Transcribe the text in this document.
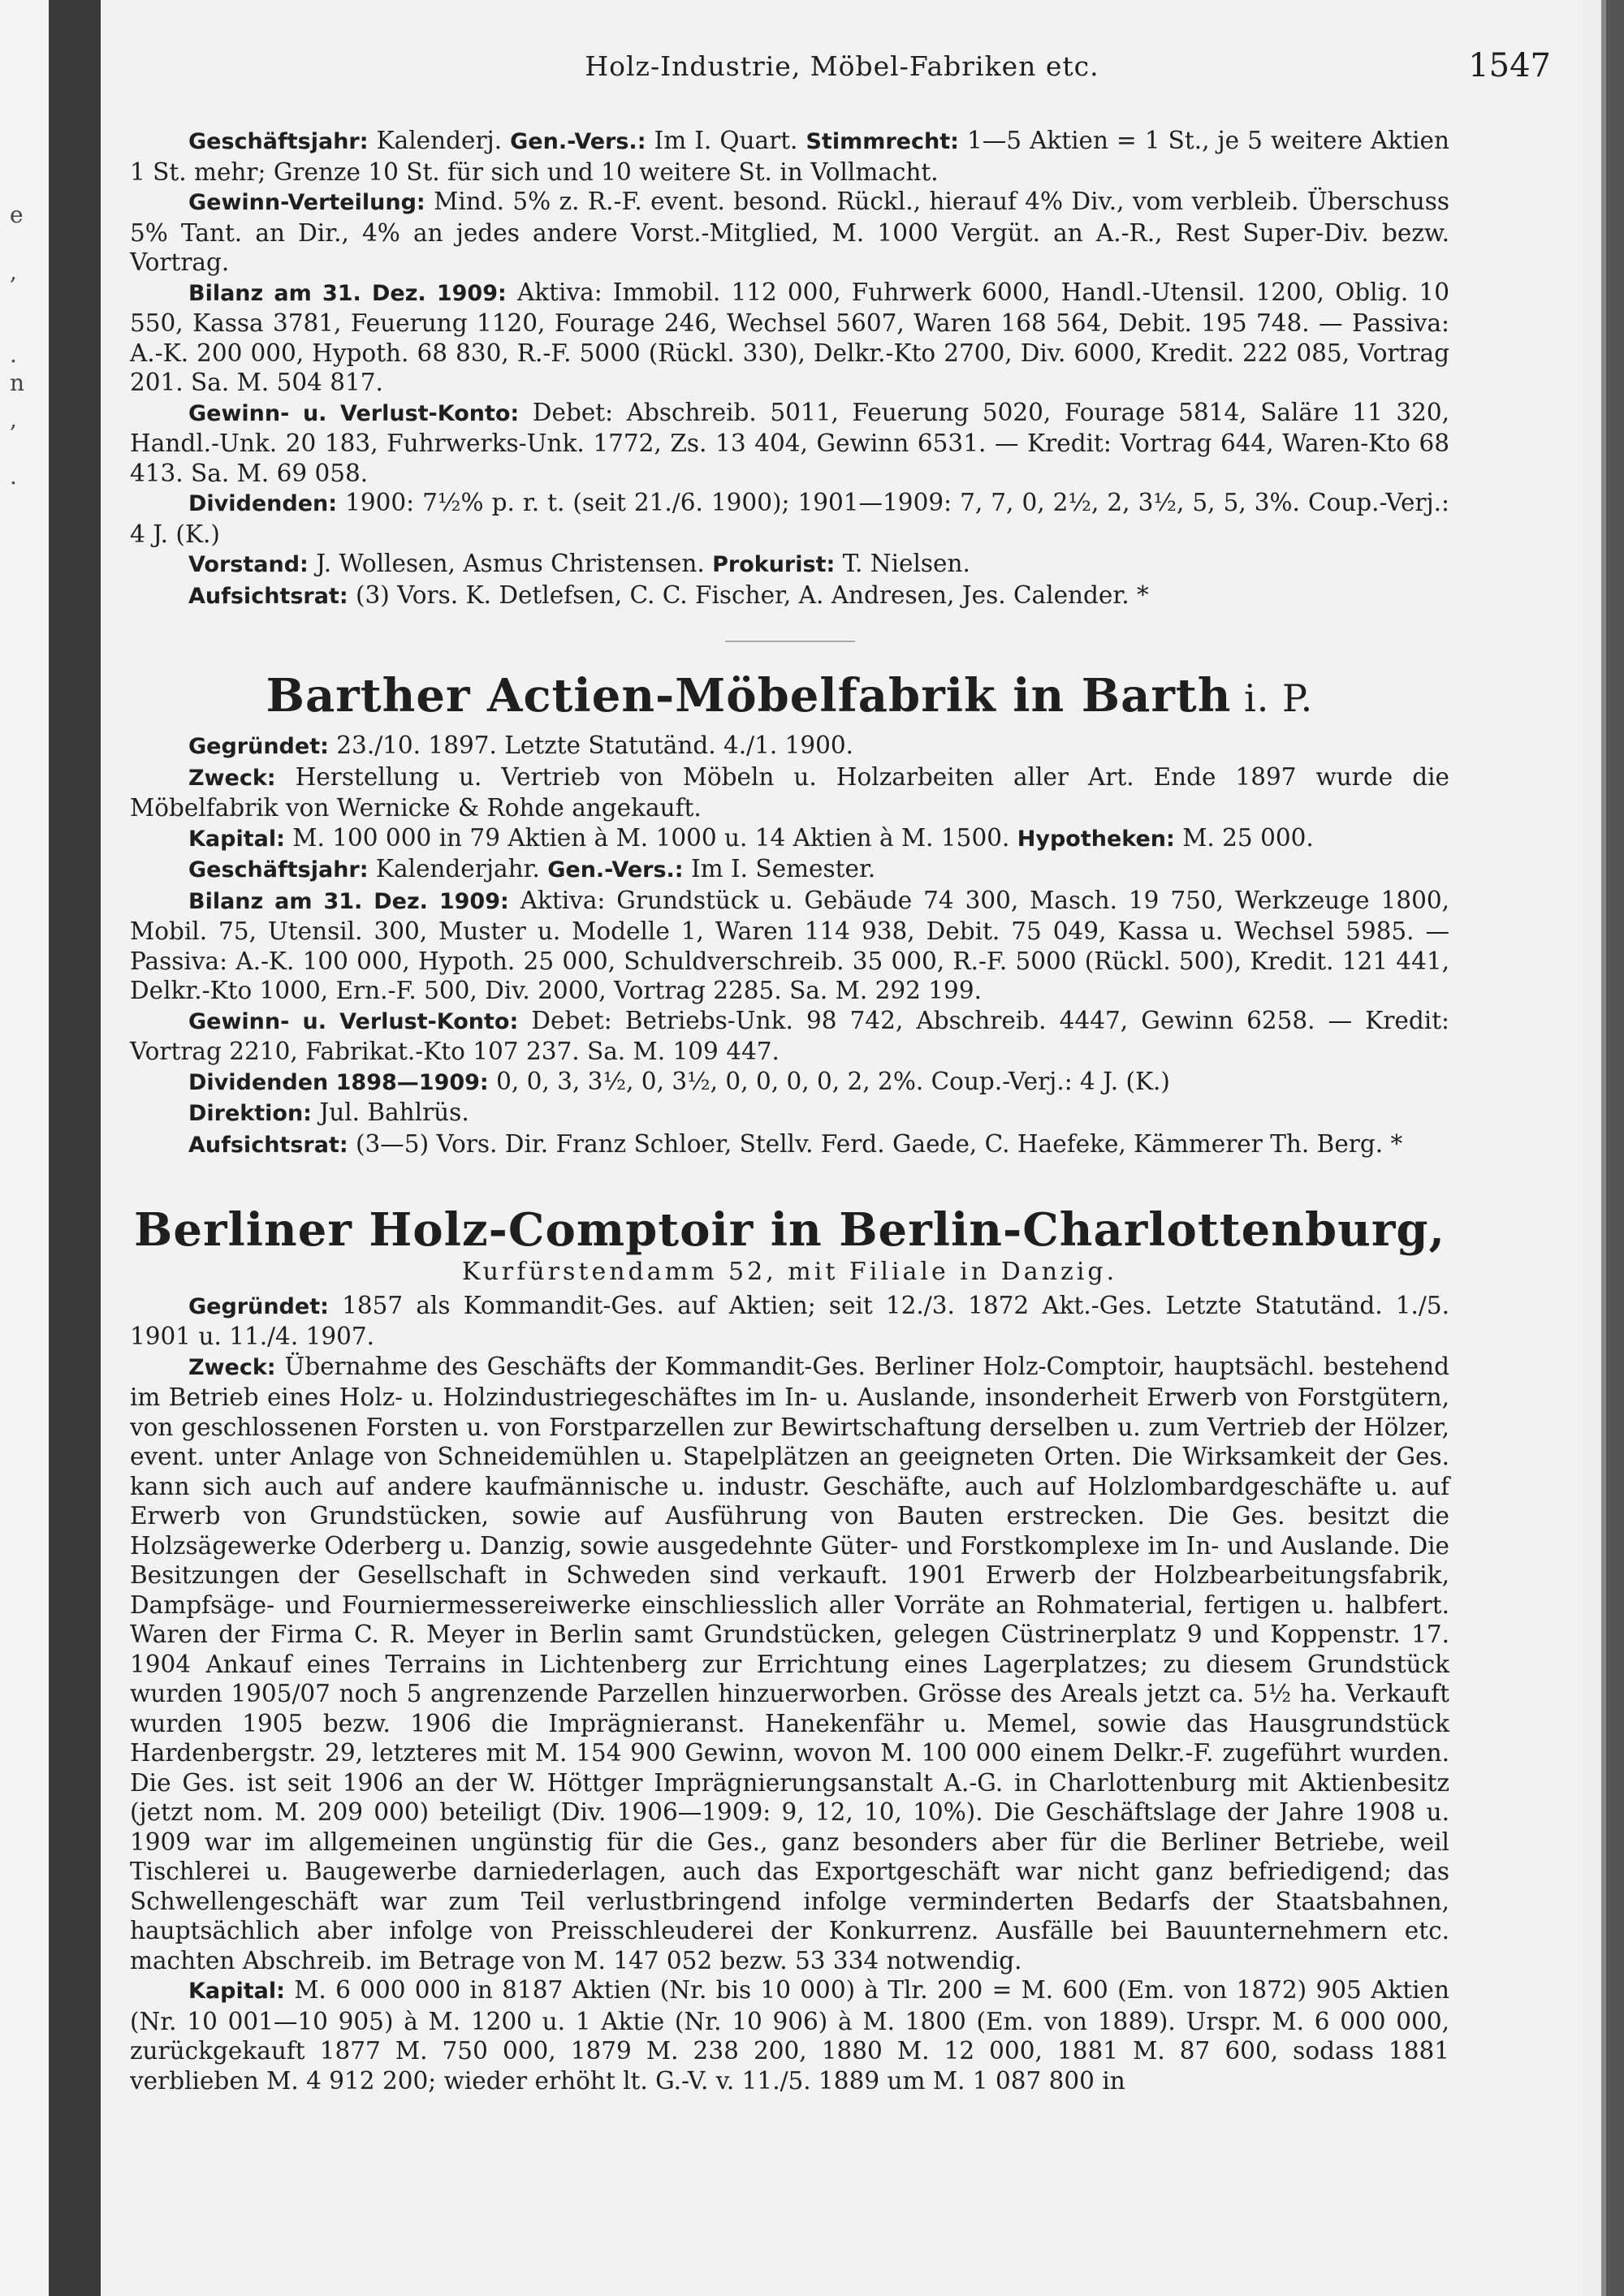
e
,
.
n
,
.
Holz-Industrie, Möbel-Fabriken etc.	1547

Geschäftsjahr: Kalenderj. Gen.-Vers.: Im I. Quart. Stimmrecht: 1—5 Aktien = 1 St., je 5 weitere Aktien 1 St. mehr; Grenze 10 St. für sich und 10 weitere St. in Vollmacht.

Gewinn-Verteilung: Mind. 5% z. R.-F. event. besond. Rückl., hierauf 4% Div., vom verbleib. Überschuss 5% Tant. an Dir., 4% an jedes andere Vorst.-Mitglied, M. 1000 Vergüt. an A.-R., Rest Super-Div. bezw. Vortrag.

Bilanz am 31. Dez. 1909: Aktiva: Immobil. 112 000, Fuhrwerk 6000, Handl.-Utensil. 1200, Oblig. 10 550, Kassa 3781, Feuerung 1120, Fourage 246, Wechsel 5607, Waren 168 564, Debit. 195 748. — Passiva: A.-K. 200 000, Hypoth. 68 830, R.-F. 5000 (Rückl. 330), Delkr.-Kto 2700, Div. 6000, Kredit. 222 085, Vortrag 201. Sa. M. 504 817.

Gewinn- u. Verlust-Konto: Debet: Abschreib. 5011, Feuerung 5020, Fourage 5814, Saläre 11 320, Handl.-Unk. 20 183, Fuhrwerks-Unk. 1772, Zs. 13 404, Gewinn 6531. — Kredit: Vortrag 644, Waren-Kto 68 413. Sa. M. 69 058.

Dividenden: 1900: 7½% p. r. t. (seit 21./6. 1900); 1901—1909: 7, 7, 0, 2½, 2, 3½, 5, 5, 3%. Coup.-Verj.: 4 J. (K.)

Vorstand: J. Wollesen, Asmus Christensen. Prokurist: T. Nielsen.

Aufsichtsrat: (3) Vors. K. Detlefsen, C. C. Fischer, A. Andresen, Jes. Calender. *

Barther Actien-Möbelfabrik in Barth i. P.

Gegründet: 23./10. 1897. Letzte Statutänd. 4./1. 1900.

Zweck: Herstellung u. Vertrieb von Möbeln u. Holzarbeiten aller Art. Ende 1897 wurde die Möbelfabrik von Wernicke & Rohde angekauft.

Kapital: M. 100 000 in 79 Aktien à M. 1000 u. 14 Aktien à M. 1500. Hypotheken: M. 25 000.

Geschäftsjahr: Kalenderjahr. Gen.-Vers.: Im I. Semester.

Bilanz am 31. Dez. 1909: Aktiva: Grundstück u. Gebäude 74 300, Masch. 19 750, Werkzeuge 1800, Mobil. 75, Utensil. 300, Muster u. Modelle 1, Waren 114 938, Debit. 75 049, Kassa u. Wechsel 5985. — Passiva: A.-K. 100 000, Hypoth. 25 000, Schuldverschreib. 35 000, R.-F. 5000 (Rückl. 500), Kredit. 121 441, Delkr.-Kto 1000, Ern.-F. 500, Div. 2000, Vortrag 2285. Sa. M. 292 199.

Gewinn- u. Verlust-Konto: Debet: Betriebs-Unk. 98 742, Abschreib. 4447, Gewinn 6258. — Kredit: Vortrag 2210, Fabrikat.-Kto 107 237. Sa. M. 109 447.

Dividenden 1898—1909: 0, 0, 3, 3½, 0, 3½, 0, 0, 0, 0, 2, 2%. Coup.-Verj.: 4 J. (K.)

Direktion: Jul. Bahlrüs.

Aufsichtsrat: (3—5) Vors. Dir. Franz Schloer, Stellv. Ferd. Gaede, C. Haefeke, Kämmerer Th. Berg. *

Berliner Holz-Comptoir in Berlin-Charlottenburg,
Kurfürstendamm 52, mit Filiale in Danzig.

Gegründet: 1857 als Kommandit-Ges. auf Aktien; seit 12./3. 1872 Akt.-Ges. Letzte Statutänd. 1./5. 1901 u. 11./4. 1907.

Zweck: Übernahme des Geschäfts der Kommandit-Ges. Berliner Holz-Comptoir, hauptsächl. bestehend im Betrieb eines Holz- u. Holzindustriegeschäftes im In- u. Auslande, insonderheit Erwerb von Forstgütern, von geschlossenen Forsten u. von Forstparzellen zur Bewirtschaftung derselben u. zum Vertrieb der Hölzer, event. unter Anlage von Schneidemühlen u. Stapelplätzen an geeigneten Orten. Die Wirksamkeit der Ges. kann sich auch auf andere kaufmännische u. industr. Geschäfte, auch auf Holzlombardgeschäfte u. auf Erwerb von Grundstücken, sowie auf Ausführung von Bauten erstrecken. Die Ges. besitzt die Holzsägewerke Oderberg u. Danzig, sowie ausgedehnte Güter- und Forstkomplexe im In- und Auslande. Die Besitzungen der Gesellschaft in Schweden sind verkauft. 1901 Erwerb der Holzbearbeitungsfabrik, Dampfsäge- und Fourniermessereiwerke einschliesslich aller Vorräte an Rohmaterial, fertigen u. halbfert. Waren der Firma C. R. Meyer in Berlin samt Grundstücken, gelegen Cüstrinerplatz 9 und Koppenstr. 17. 1904 Ankauf eines Terrains in Lichtenberg zur Errichtung eines Lagerplatzes; zu diesem Grundstück wurden 1905/07 noch 5 angrenzende Parzellen hinzuerworben. Grösse des Areals jetzt ca. 5½ ha. Verkauft wurden 1905 bezw. 1906 die Imprägnieranst. Hanekenfähr u. Memel, sowie das Hausgrundstück Hardenbergstr. 29, letzteres mit M. 154 900 Gewinn, wovon M. 100 000 einem Delkr.-F. zugeführt wurden. Die Ges. ist seit 1906 an der W. Höttger Imprägnierungsanstalt A.-G. in Charlottenburg mit Aktienbesitz (jetzt nom. M. 209 000) beteiligt (Div. 1906—1909: 9, 12, 10, 10%). Die Geschäftslage der Jahre 1908 u. 1909 war im allgemeinen ungünstig für die Ges., ganz besonders aber für die Berliner Betriebe, weil Tischlerei u. Baugewerbe darniederlagen, auch das Exportgeschäft war nicht ganz befriedigend; das Schwellengeschäft war zum Teil verlustbringend infolge verminderten Bedarfs der Staatsbahnen, hauptsächlich aber infolge von Preisschleuderei der Konkurrenz. Ausfälle bei Bauunternehmern etc. machten Abschreib. im Betrage von M. 147 052 bezw. 53 334 notwendig.

Kapital: M. 6 000 000 in 8187 Aktien (Nr. bis 10 000) à Tlr. 200 = M. 600 (Em. von 1872) 905 Aktien (Nr. 10 001—10 905) à M. 1200 u. 1 Aktie (Nr. 10 906) à M. 1800 (Em. von 1889). Urspr. M. 6 000 000, zurückgekauft 1877 M. 750 000, 1879 M. 238 200, 1880 M. 12 000, 1881 M. 87 600, sodass 1881 verblieben M. 4 912 200; wieder erhöht lt. G.-V. v. 11./5. 1889 um M. 1 087 800 in
